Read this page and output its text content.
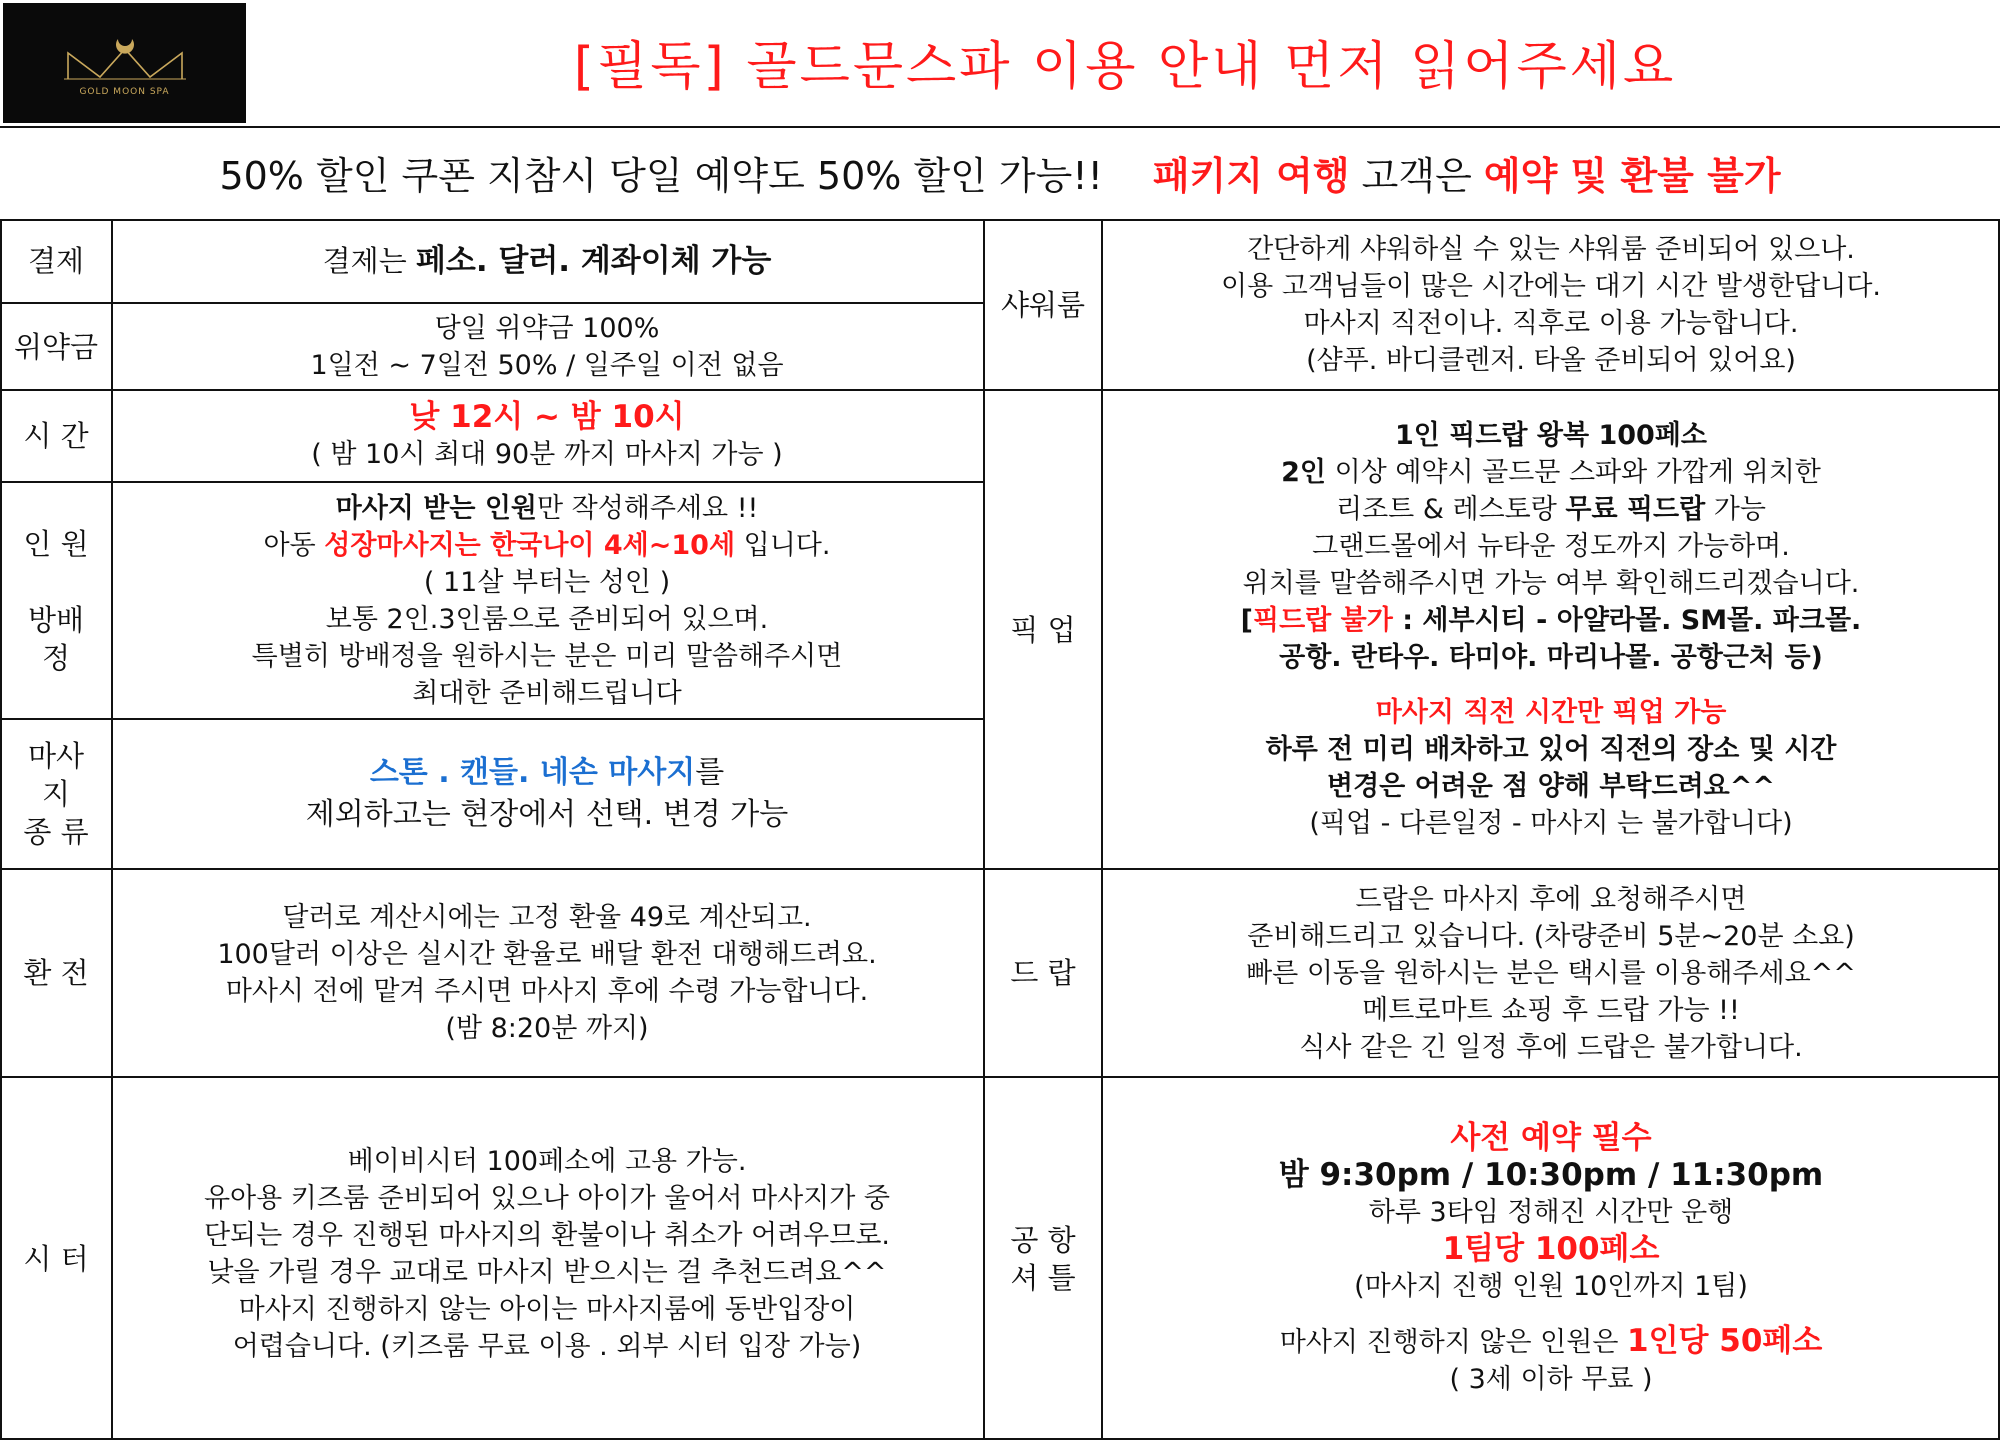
GOLD MOON SPA	[필독] 골드문스파 이용 안내 먼저 읽어주세요
50% 할인 쿠폰 지참시 당일 예약도 50% 할인 가능!! 패키지 여행 고객은 예약 및 환불 불가
결제	결제는 페소. 달러. 계좌이체 가능
위약금
당일 위약금 100%
1일전 ~ 7일전 50% / 일주일 이전 없음
시 간
낮 12시 ~ 밤 10시
( 밤 10시 최대 90분 까지 마사지 가능 )
인 원
방배
정
마사지 받는 인원만 작성해주세요 !!
아동 성장마사지는 한국나이 4세~10세 입니다.
( 11살 부터는 성인 )
보통 2인.3인룸으로 준비되어 있으며.
특별히 방배정을 원하시는 분은 미리 말씀해주시면
최대한 준비해드립니다
마사
지
종 류
스톤 . 캔들. 네손 마사지를
제외하고는 현장에서 선택. 변경 가능
환 전
달러로 계산시에는 고정 환율 49로 계산되고.
100달러 이상은 실시간 환율로 배달 환전 대행해드려요.
마사시 전에 맡겨 주시면 마사지 후에 수령 가능합니다.
(밤 8:20분 까지)
시 터
베이비시터 100페소에 고용 가능.
유아용 키즈룸 준비되어 있으나 아이가 울어서 마사지가 중
단되는 경우 진행된 마사지의 환불이나 취소가 어려우므로.
낮을 가릴 경우 교대로 마사지 받으시는 걸 추천드려요^^
마사지 진행하지 않는 아이는 마사지룸에 동반입장이
어렵습니다. (키즈룸 무료 이용 . 외부 시터 입장 가능)
샤워룸
간단하게 샤워하실 수 있는 샤워룸 준비되어 있으나.
이용 고객님들이 많은 시간에는 대기 시간 발생한답니다.
마사지 직전이나. 직후로 이용 가능합니다.
(샴푸. 바디클렌저. 타올 준비되어 있어요)
픽 업
1인 픽드랍 왕복 100페소
2인 이상 예약시 골드문 스파와 가깝게 위치한
리조트 & 레스토랑 무료 픽드랍 가능
그랜드몰에서 뉴타운 정도까지 가능하며.
위치를 말씀해주시면 가능 여부 확인해드리겠습니다.
[픽드랍 불가 : 세부시티 - 아얄라몰. SM몰. 파크몰.
공항. 란타우. 타미야. 마리나몰. 공항근처 등)
마사지 직전 시간만 픽업 가능
하루 전 미리 배차하고 있어 직전의 장소 및 시간
변경은 어려운 점 양해 부탁드려요^^
(픽업 - 다른일정 - 마사지 는 불가합니다)
드 랍
드랍은 마사지 후에 요청해주시면
준비해드리고 있습니다. (차량준비 5분~20분 소요)
빠른 이동을 원하시는 분은 택시를 이용해주세요^^
메트로마트 쇼핑 후 드랍 가능 !!
식사 같은 긴 일정 후에 드랍은 불가합니다.
공 항
셔 틀
사전 예약 필수
밤 9:30pm / 10:30pm / 11:30pm
하루 3타임 정해진 시간만 운행
1팀당 100페소
(마사지 진행 인원 10인까지 1팀)
마사지 진행하지 않은 인원은 1인당 50페소
( 3세 이하 무료 )
